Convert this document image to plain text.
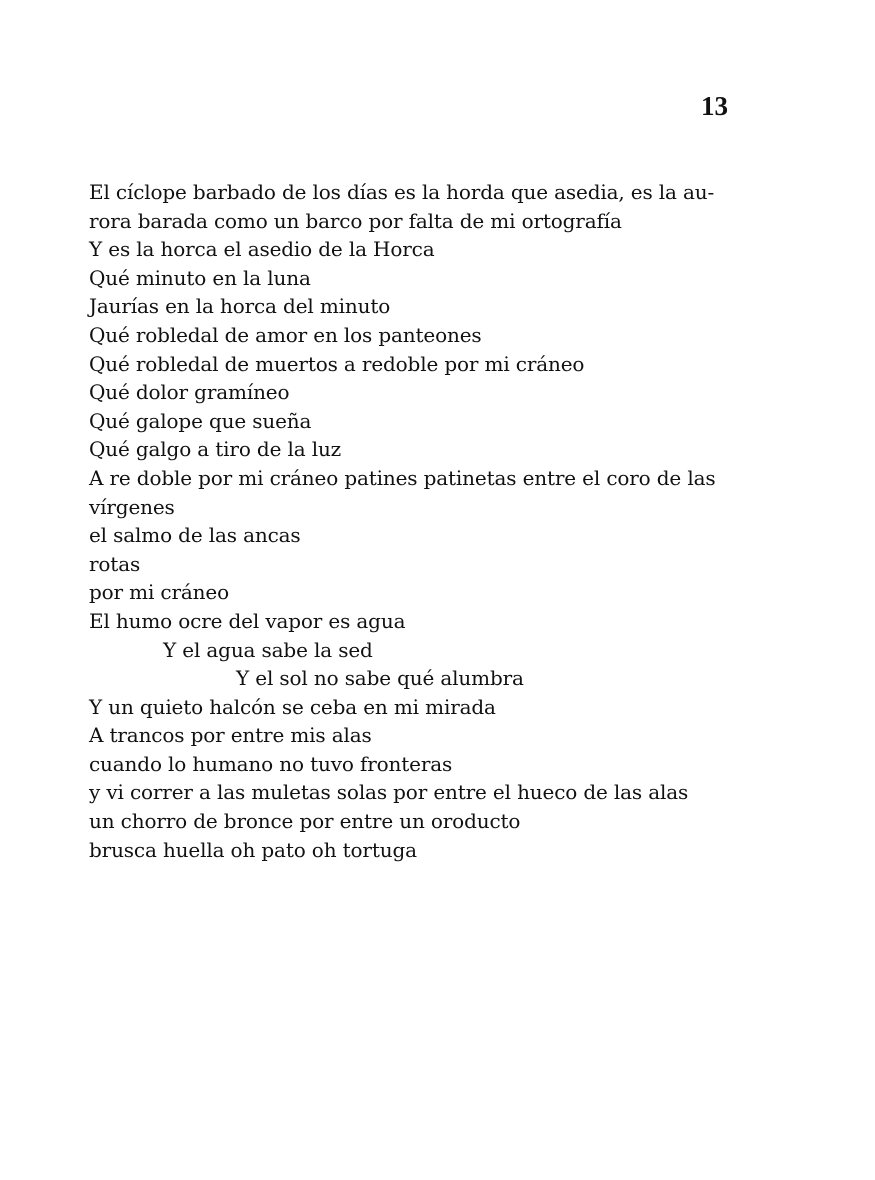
13
El cíclope barbado de los días es la horda que asedia, es la au-
rora barada como un barco por falta de mi ortografía
Y es la horca el asedio de la Horca
Qué minuto en la luna
Jaurías en la horca del minuto
Qué robledal de amor en los panteones
Qué robledal de muertos a redoble por mi cráneo
Qué dolor gramíneo
Qué galope que sueña
Qué galgo a tiro de la luz
A re doble por mi cráneo patines patinetas entre el coro de las
vírgenes
el salmo de las ancas
rotas
por mi cráneo
El humo ocre del vapor es agua
Y el agua sabe la sed
Y el sol no sabe qué alumbra
Y un quieto halcón se ceba en mi mirada
A trancos por entre mis alas
cuando lo humano no tuvo fronteras
y vi correr a las muletas solas por entre el hueco de las alas
un chorro de bronce por entre un oroducto
brusca huella oh pato oh tortuga
